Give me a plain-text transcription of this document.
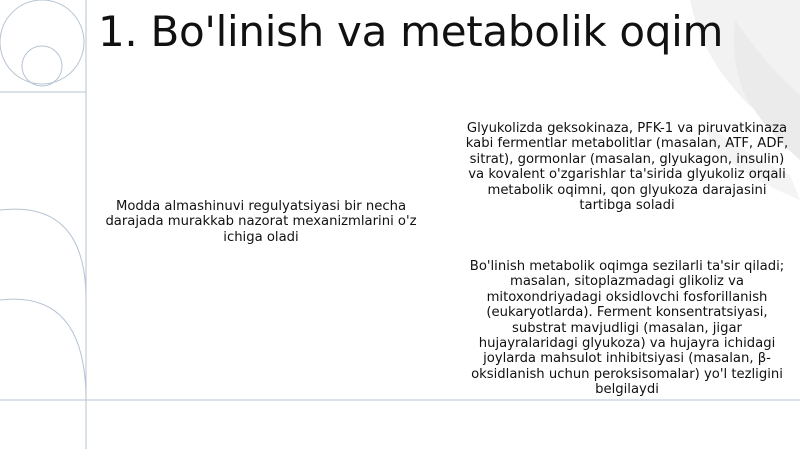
1. Bo'linish va metabolik oqim

Modda almashinuvi regulyatsiyasi bir necha darajada murakkab nazorat mexanizmlarini o'z ichiga oladi

Glyukolizda geksokinaza, PFK-1 va piruvatkinaza kabi fermentlar metabolitlar (masalan, ATF, ADF, sitrat), gormonlar (masalan, glyukagon, insulin) va kovalent o'zgarishlar ta'sirida glyukoliz orqali metabolik oqimni, qon glyukoza darajasini tartibga soladi

Bo'linish metabolik oqimga sezilarli ta'sir qiladi; masalan, sitoplazmadagi glikoliz va mitoxondriyadagi oksidlovchi fosforillanish (eukaryotlarda). Ferment konsentratsiyasi, substrat mavjudligi (masalan, jigar hujayralaridagi glyukoza) va hujayra ichidagi joylarda mahsulot inhibitsiyasi (masalan, β-oksidlanish uchun peroksisomalar) yo'l tezligini belgilaydi
